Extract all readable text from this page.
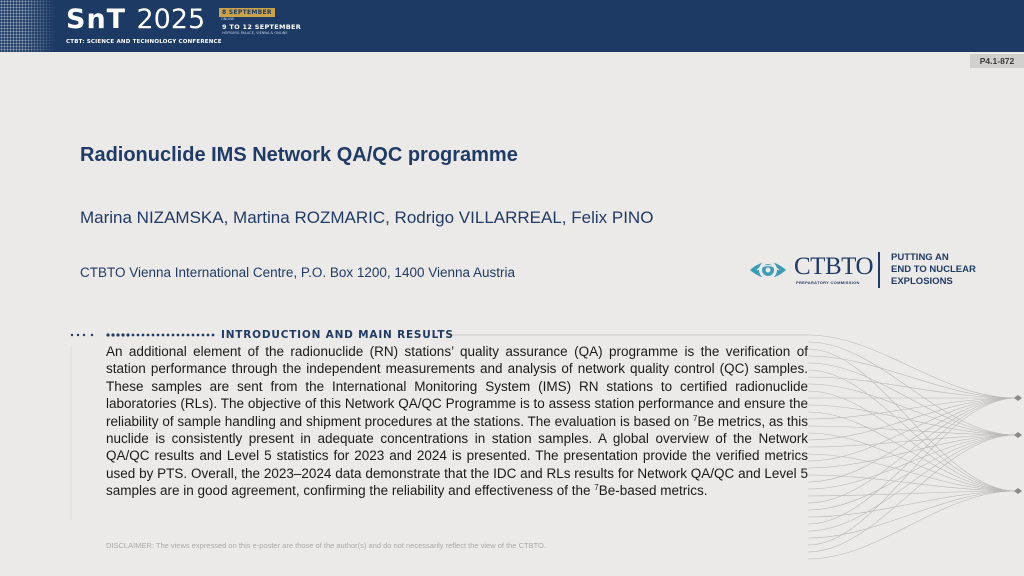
SnT 2025
CTBT: SCIENCE AND TECHNOLOGY CONFERENCE
8 SEPTEMBER
ONLINE
9 TO 12 SEPTEMBER
HOFBURG PALACE, VIENNA & ONLINE
P4.1-872
Radionuclide IMS Network QA/QC programme
Marina NIZAMSKA, Martina ROZMARIC, Rodrigo VILLARREAL, Felix PINO
CTBTO Vienna International Centre, P.O. Box 1200, 1400 Vienna Austria	CTBTO
PREPARATORY COMMISSION
PUTTING AN
END TO NUCLEAR
EXPLOSIONS
INTRODUCTION AND MAIN RESULTS
An additional element of the radionuclide (RN) stations’ quality assurance (QA) programme is the verification of station performance through the independent measurements and analysis of network quality control (QC) samples. These samples are sent from the International Monitoring System (IMS) RN stations to certified radionuclide laboratories (RLs). The objective of this Network QA/QC Programme is to assess station performance and ensure the reliability of sample handling and shipment procedures at the stations. The evaluation is based on $^7$Be metrics, as this nuclide is consistently present in adequate concentrations in station samples. A global overview of the Network QA/QC results and Level 5 statistics for 2023 and 2024 is presented. The presentation provide the verified metrics used by PTS. Overall, the 2023–2024 data demonstrate that the IDC and RLs results for Network QA/QC and Level 5 samples are in good agreement, confirming the reliability and effectiveness of the $^7$Be-based metrics.
DISCLAIMER: The views expressed on this e-poster are those of the author(s) and do not necessarily reflect the view of the CTBTO.
